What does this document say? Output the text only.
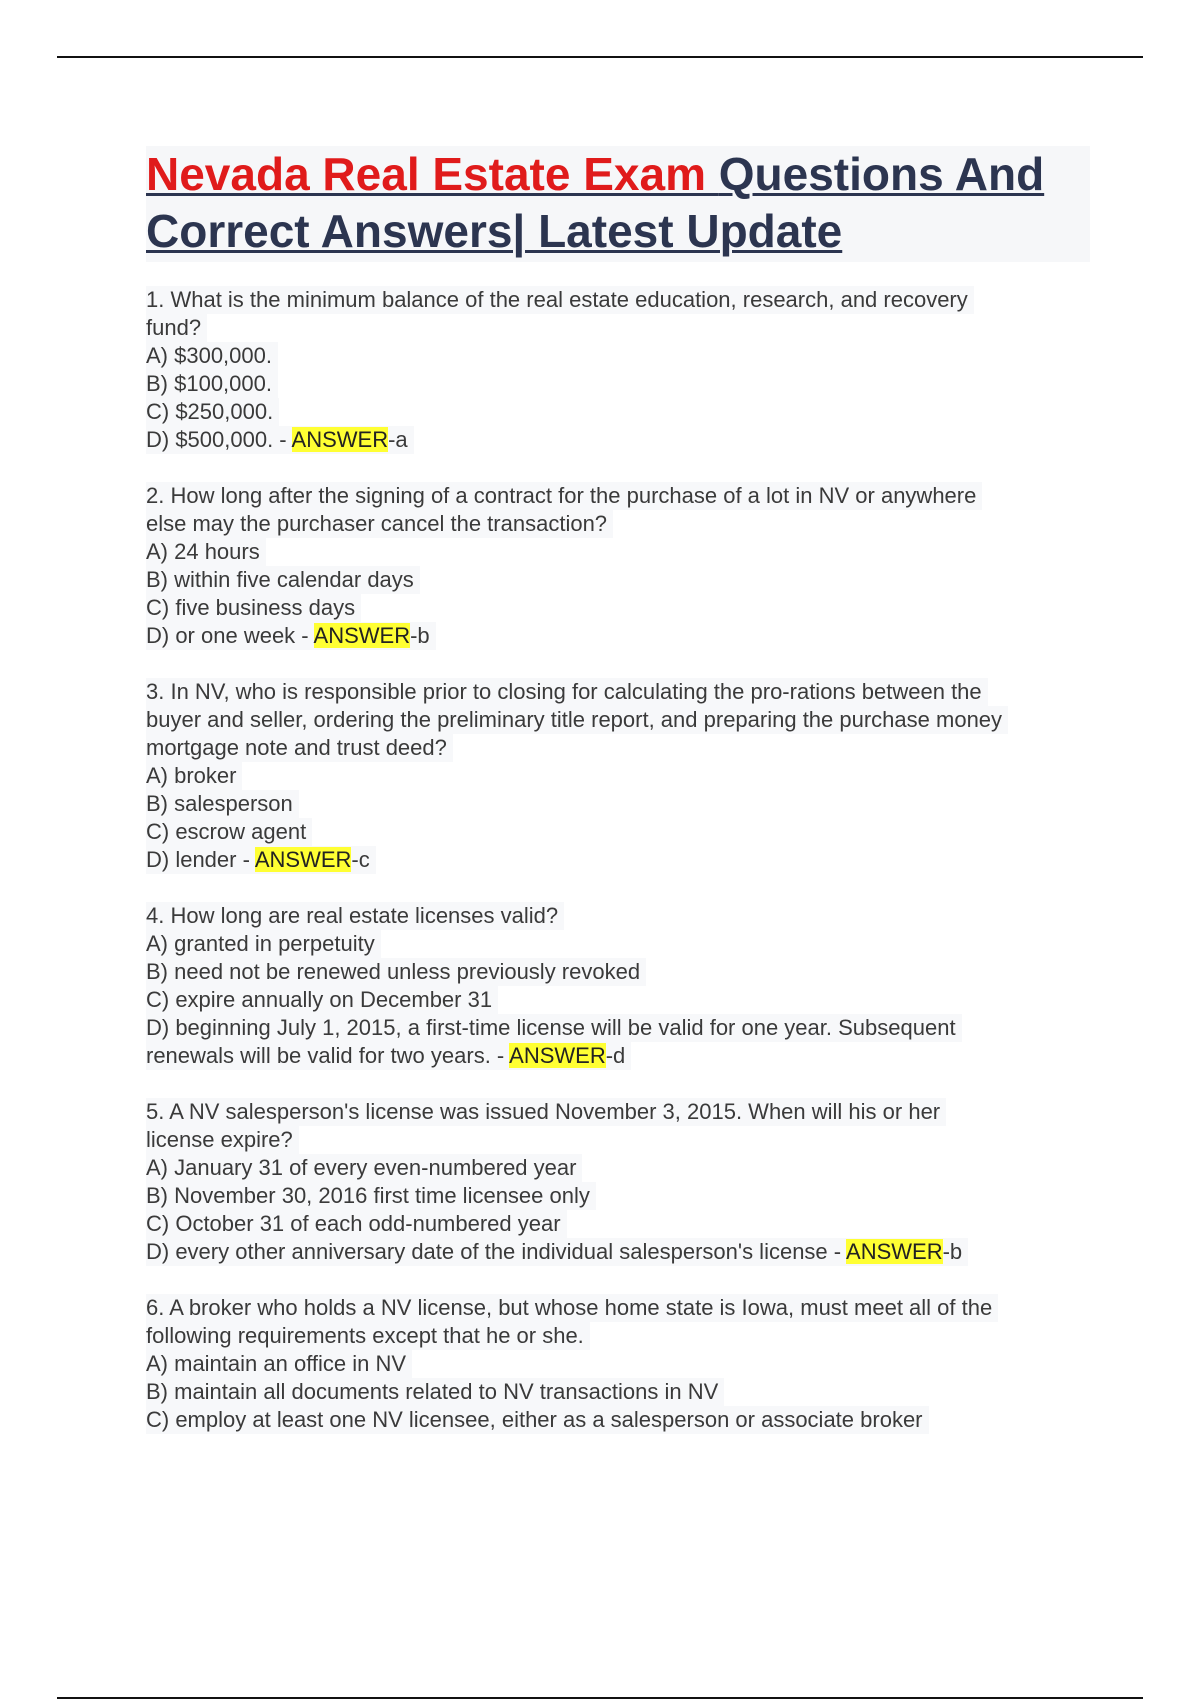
Nevada Real Estate Exam Questions And Correct Answers| Latest Update
1. What is the minimum balance of the real estate education, research, and recovery
fund?
A) $300,000.
B) $100,000.
C) $250,000.
D) $500,000. - ANSWER-a
2. How long after the signing of a contract for the purchase of a lot in NV or anywhere
else may the purchaser cancel the transaction?
A) 24 hours
B) within five calendar days
C) five business days
D) or one week - ANSWER-b
3. In NV, who is responsible prior to closing for calculating the pro-rations between the
buyer and seller, ordering the preliminary title report, and preparing the purchase money
mortgage note and trust deed?
A) broker
B) salesperson
C) escrow agent
D) lender - ANSWER-c
4. How long are real estate licenses valid?
A) granted in perpetuity
B) need not be renewed unless previously revoked
C) expire annually on December 31
D) beginning July 1, 2015, a first-time license will be valid for one year. Subsequent
renewals will be valid for two years. - ANSWER-d
5. A NV salesperson's license was issued November 3, 2015. When will his or her
license expire?
A) January 31 of every even-numbered year
B) November 30, 2016 first time licensee only
C) October 31 of each odd-numbered year
D) every other anniversary date of the individual salesperson's license - ANSWER-b
6. A broker who holds a NV license, but whose home state is Iowa, must meet all of the
following requirements except that he or she.
A) maintain an office in NV
B) maintain all documents related to NV transactions in NV
C) employ at least one NV licensee, either as a salesperson or associate broker
